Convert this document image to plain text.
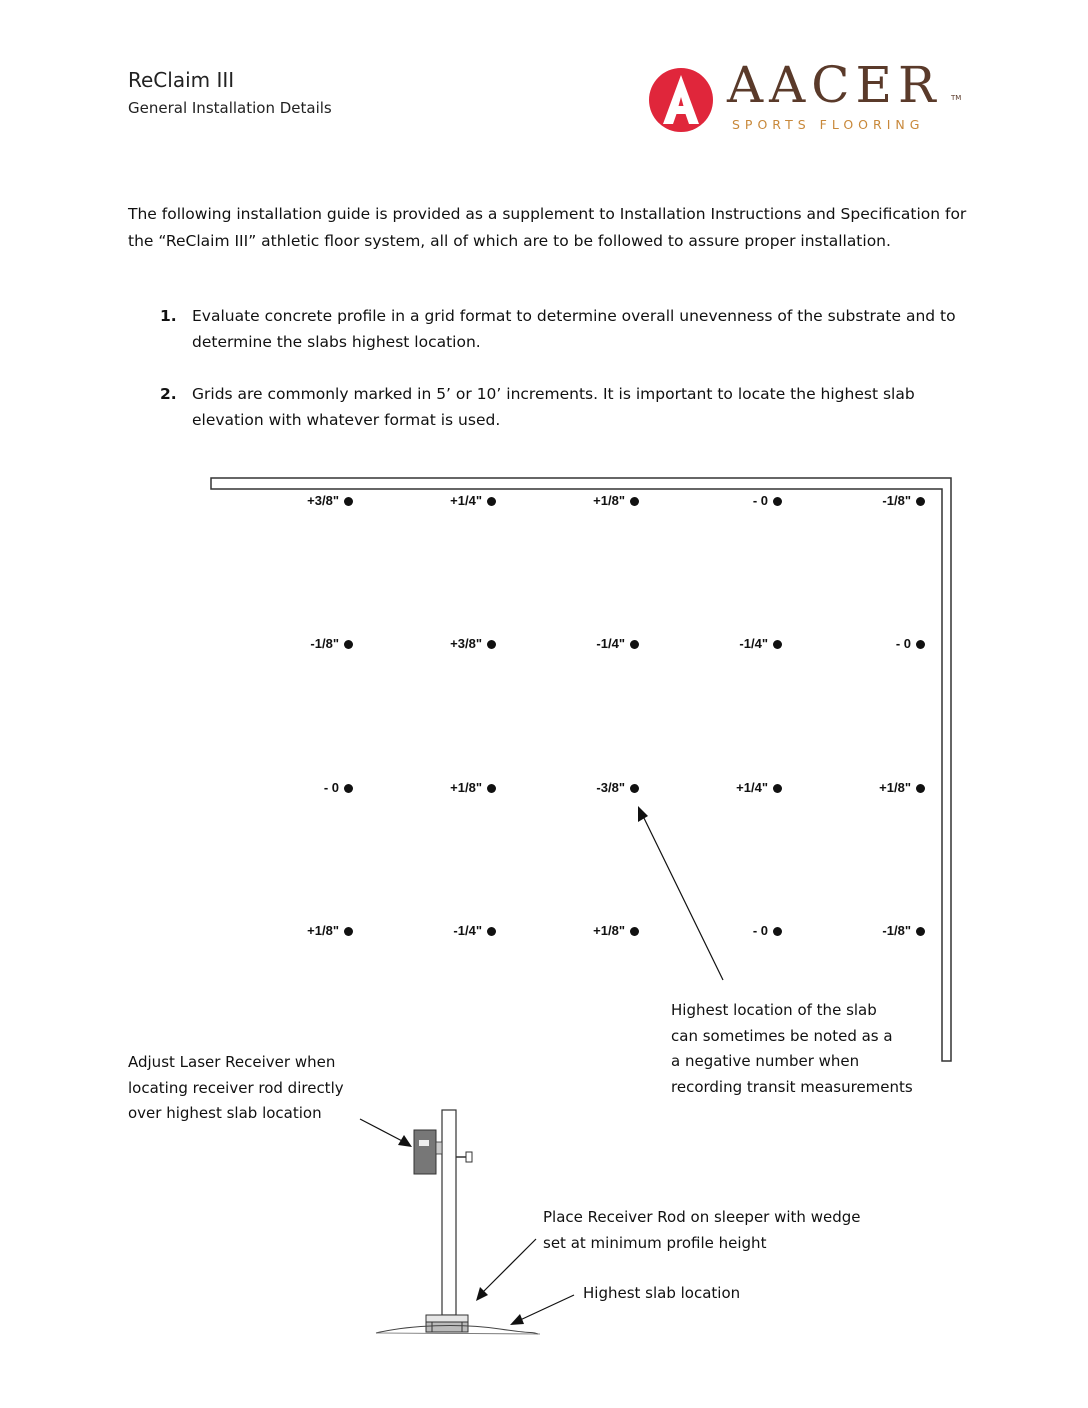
ReClaim III
General Installation Details	AACER TM
SPORTS FLOORING
The following installation guide is provided as a supplement to Installation Instructions and Specification for the “ReClaim III” athletic floor system, all of which are to be followed to assure proper installation.
1. Evaluate concrete profile in a grid format to determine overall unevenness of the substrate and to determine the slabs highest location.
2. Grids are commonly marked in 5’ or 10’ increments. It is important to locate the highest slab elevation with whatever format is used.
+3/8"	+1/4"	+1/8"	- 0	-1/8"
-1/8"	+3/8"	-1/4"	-1/4"	- 0
- 0	+1/8"	-3/8"	+1/4"	+1/8"
+1/8"	-1/4"	+1/8"	- 0	-1/8"
Highest location of the slab
can sometimes be noted as a
a negative number when
recording transit measurements
Adjust Laser Receiver when
locating receiver rod directly
over highest slab location
Place Receiver Rod on sleeper with wedge
set at minimum profile height
Highest slab location
